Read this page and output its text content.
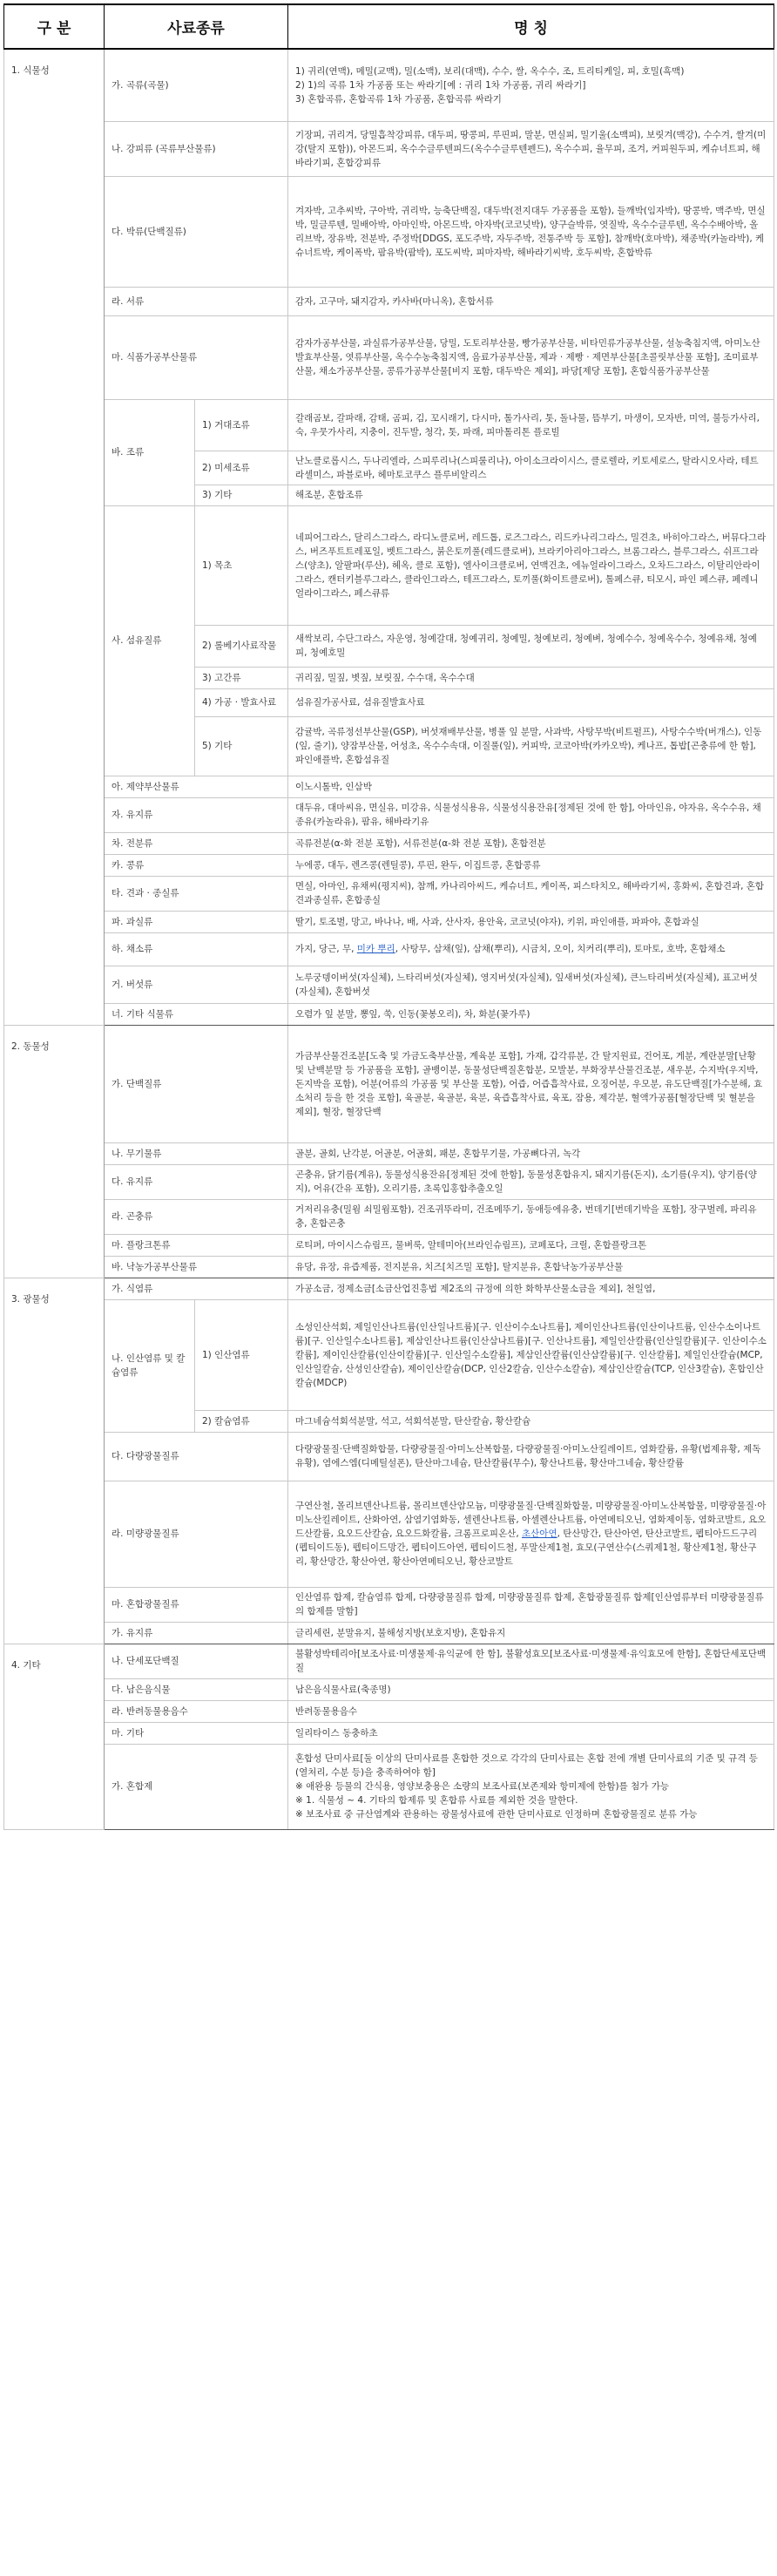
구 분	사료종류		명 칭

1. 식물성	가. 곡류(곡물)		1) 귀리(연맥), 메밀(교맥), 밀(소맥), 보리(대맥), 수수, 쌀, 옥수수, 조, 트리티케일, 피, 호밀(흑맥)
2) 1)의 곡류 1차 가공품 또는 싸라기[예 : 귀리 1차 가공품, 귀리 싸라기]
3) 혼합곡류, 혼합곡류 1차 가공품, 혼합곡류 싸라기

	나. 강피류 (곡류부산물류)		기장피, 귀리겨, 당밀흡착강피류, 대두피, 땅콩피, 루핀피, 말분, 면실피, 밀기울(소맥피), 보릿겨(맥강), 수수겨, 쌀겨(미강(탈지 포함)), 아몬드피, 옥수수글루텐피드(옥수수글루텐펜드), 옥수수피, 율무피, 조겨, 커피원두피, 케슈너트피, 해바라기피, 혼합강피류

	다. 박류(단백질류)		겨자박, 고추씨박, 구아박, 귀리박, 능축단백질, 대두박(전지대두 가공품을 포함), 들깨박(임자박), 땅콩박, 맥주박, 면실박, 밀글루텐, 밀배아박, 아마인박, 아몬드박, 아자박(코코넛박), 양구슬박류, 엿질박, 옥수수글루텐, 옥수수배아박, 올리브박, 장유박, 전분박, 주정박[DDGS, 포도주박, 자두주박, 전통주박 등 포함], 참깨박(호마박), 채종박(카놀라박), 케슈너트박, 케이폭박, 팜유박(팜박), 포도씨박, 피마자박, 해바라기씨박, 호두씨박, 혼합박류

	라. 서류		감자, 고구마, 돼지감자, 카사바(마니옥), 혼합서류

	마. 식품가공부산물류		감자가공부산물, 과실류가공부산물, 당밀, 도토리부산물, 빵가공부산물, 비타민류가공부산물, 설농축침지액, 아미노산발효부산물, 엿류부산물, 옥수수농축침지액, 음료가공부산물, 제과 · 제빵 · 제면부산물[초콜릿부산물 포함], 조미료부산물, 채소가공부산물, 콩류가공부산물[비지 포함, 대두박은 제외], 파당[제당 포함], 혼합식품가공부산물

	바. 조류	1) 거대조류	갈래곰보, 갈파래, 감태, 곰피, 김, 꼬시래기, 다시마, 톨가사리, 톳, 돌나물, 뜸부기, 마생이, 모자반, 미역, 불등가사리, 숙, 우뭇가사리, 지충이, 진두발, 청각, 톳, 파래, 피마톨리톤 플로빌

		2) 미세조류	난노클로롭시스, 두나리엘라, 스피루리나(스피룰리나), 아이소크라이시스, 클로렐라, 키토세로스, 탈라시오사라, 테트라셀미스, 파블로바, 헤마토코쿠스 플루비알리스

		3) 기타	해조분, 혼합조류

	사. 섬유질류	1) 목초	네피어그라스, 달리스그라스, 라디노클로버, 레드톱, 로즈그라스, 리드카나리그라스, 밀견초, 바히아그라스, 버뮤다그라스, 버즈푸트트레포일, 벳트그라스, 붉은토끼풀(레드클로버), 브라키아리아그라스, 브롬그라스, 블루그라스, 쉬프그라스(양초), 알팔파(루산), 헤옥, 클로 포함), 엘사이크클로버, 연맥건초, 에뉴얼라이그라스, 오차드그라스, 이탈리안라이그라스, 캔터키블루그라스, 클라인그라스, 테프그라스, 토끼풀(화이트클로버), 톨페스큐, 티모시, 파인 페스큐, 페레니얼라이그라스, 페스큐류

		2) 롤베기사료작물	새싹보리, 수단그라스, 자운영, 청예갈대, 청예귀리, 청예밀, 청예보리, 청예벼, 청예수수, 청예옥수수, 청예유채, 청예피, 청예호밀

		3) 고간류	귀리짚, 밀짚, 볏짚, 보릿짚, 수수대, 옥수수대

		4) 가공 · 발효사료	섬유질가공사료, 섬유질발효사료

		5) 기타	감귤박, 곡류정선부산물(GSP), 버섯재배부산물, 병풀 잎 분말, 사과박, 사탕무박(비트펄프), 사탕수수박(버개스), 인동(잎, 줄기), 양잠부산물, 어성초, 옥수수속대, 이질풀(잎), 커피박, 코코아박(카카오박), 케나프, 톱밥[곤충류에 한 함], 파인애플박, 혼합섬유질

	아. 제약부산물류		이노시톨박, 인삼박

	자. 유지류		대두유, 대마씨유, 면실유, 미강유, 식물성식용유, 식물성식용잔유[정제된 것에 한 함], 아마인유, 야자유, 옥수수유, 채종유(카놀라유), 팜유, 해바라기유

	차. 전분류		곡류전분(α-화 전분 포함), 서류전분(α-화 전분 포함), 혼합전분

	카. 콩류		누에콩, 대두, 렌즈콩(렌틸콩), 루핀, 완두, 이집트콩, 혼합콩류

	타. 견과 · 종실류		면실, 아마인, 유채씨(평지씨), 참깨, 카나리아씨드, 케슈너트, 케이폭, 피스타치오, 해바라기씨, 홍화씨, 혼합견과, 혼합견과종실류, 혼합종실

	파. 과실류		딸기, 토조벌, 망고, 바나나, 배, 사과, 산사자, 용안육, 코코넛(야자), 키위, 파인애플, 파파야, 혼합과실

	하. 채소류		가지, 당근, 무, 미카 뿌리, 사탕무, 삼채(잎), 삼채(뿌리), 시금치, 오이, 치커리(뿌리), 토마토, 호박, 혼합채소
	거. 버섯류		노루궁뎅이버섯(자실체), 느타리버섯(자실체), 영지버섯(자실체), 잎새버섯(자실체), 큰느타리버섯(자실체), 표고버섯(자실체), 혼합버섯

	너. 기타 식물류		오렴가 잎 분말, 뽕잎, 쑥, 인동(꽃봉오리), 차, 화분(꽃가루)

2. 동물성	가. 단백질류		가금부산물건조분[도축 및 가금도축부산물, 계육분 포함], 가재, 갑각류분, 간 탈지원료, 건어포, 게분, 계란분말[난황 및 난백분말 등 가공품을 포함], 골뱅이분, 동물성단백질혼합분, 모발분, 부화장부산물건조분, 새우분, 수지박(우지박, 돈지박을 포함), 어분(어류의 가공품 및 부산물 포함), 어즙, 어즙흡착사료, 오징어분, 우모분, 유도단백질[가수분해, 효소처리 등을 한 것을 포함], 육골분, 육골분, 육분, 육즙흡착사료, 육포, 잠용, 제각분, 혈액가공품[혈장단백 및 혈분을 제외], 혈장, 혈장단백

	나. 무기물류		골분, 골회, 난각분, 어골분, 어골회, 패분, 혼합무기물, 가공뼈다귀, 녹각

	다. 유지류		곤충유, 닭기름(계유), 동물성식용잔유[정제된 것에 한함], 동물성혼합유지, 돼지기름(돈지), 소기름(우지), 양기름(양지), 어유(간유 포함), 오리기름, 초록입홍합추출오일

	라. 곤충류		거저리유충(밀웜 쇠밀웜포함), 건조귀뚜라미, 건조메뚜기, 동애등에유충, 번데기[번데기박을 포함], 장구벌레, 파리유충, 혼합곤충

	마. 플랑크톤류		로티퍼, 마이시스슈림프, 물벼룩, 알테미아(브라인슈림프), 코페포다, 크릴, 혼합플랑크톤

	바. 낙농가공부산물류		유당, 유장, 유즙제품, 전지분유, 치즈[치즈밀 포함], 탈지분유, 혼합낙농가공부산물

3. 광물성	가. 식염류		가공소금, 정제소금[소금산업진흥법 제2조의 규정에 의한 화학부산물소금을 제외], 천일염,

	나. 인산염류 및 칼슘염류	1) 인산염류	소성인산석회, 제일인산나트륨(인산일나트륨)[구. 인산이수소나트륨], 제이인산나트륨(인산이나트륨, 인산수소이나트륨)[구. 인산일수소나트륨], 제삼인산나트륨(인산삼나트륨)[구. 인산나트륨], 제일인산칼륨(인산일칼륨)[구. 인산이수소칼륨], 제이인산칼륨(인산이칼륨)[구. 인산일수소칼륨], 제삼인산칼륨(인산삼칼륨)[구. 인산칼륨], 제일인산칼슘(MCP, 인산일칼슘, 산성인산칼슘), 제이인산칼슘(DCP, 인산2칼슘, 인산수소칼슘), 제삼인산칼슘(TCP, 인산3칼슘), 혼합인산칼슘(MDCP)

		2) 칼슘염류	마그네슘석회석분말, 석고, 석회석분말, 탄산칼슘, 황산칼슘

	다. 다량광물질류		다량광물질·단백질화합물, 다량광물질·아미노산복합물, 다량광물질·아미노산킬레이트, 염화칼륨, 유황(법제유황, 제독유황), 염에스엠(디메틸설폰), 탄산마그네슘, 탄산칼륨(무수), 황산나트륨, 황산마그네슘, 황산칼륨

	라. 미량광물질류		구연산철, 몰리브덴산나트륨, 몰리브덴산암모늄, 미량광물질·단백질화합물, 미량광물질·아미노산복합물, 미량광물질·아미노산킬레이트, 산화아연, 삼염기염화동, 셀렌산나트륨, 아셀렌산나트륨, 아연메티오닌, 염화제이동, 염화코발트, 요오드산칼륨, 요오드산칼슘, 요오드화칼륨, 크롬프로피온산, 초산아연, 탄산망간, 탄산아연, 탄산코발트, 펩티아드드구리(펩티이드동), 펩티이드망간, 펩티이드아연, 펩티이드철, 푸말산제1철, 효모(구연산수(스쿼제1철, 황산제1철, 황산구리, 황산망간, 황산아연, 황산아연메티오닌, 황산코발트
	마. 혼합광물질류		인산염류 합제, 칼슘염류 합제, 다량광물질류 합제, 미량광물질류 합제, 혼합광물질류 합제[인산염류부터 미량광물질류의 합제를 말함]

	가. 유지류		글리세린, 분말유지, 불해성지방(보호지방), 혼합유지

4. 기타	나. 단세포단백질		불활성박테리아[보조사료·미생물제·유익균에 한 함], 불활성효모[보조사료·미생물제·유익효모에 한함], 혼합단세포단백질

	다. 남은음식물		남은음식물사료(축종명)

	라. 반려동물용음수		반려동물용음수

	마. 기타		일리타이스 동충하초

	가. 혼합제		혼합성 단미사료[둘 이상의 단미사료를 혼합한 것으로 각각의 단미사료는 혼합 전에 개별 단미사료의 기준 및 규격 등(열처리, 수분 등)을 충족하여야 함]
※ 애완용 등물의 간식용, 영양보충용은 소량의 보조사료(보존제와 항미제에 한함)를 첨가 가능
※ 1. 식물성 ~ 4. 기타의 합제류 및 혼합류 사료를 제외한 것을 말한다.
※ 보조사료 중 규산염계와 관용하는 광물성사료에 관한 단미사료로 인정하며 혼합광물질로 분류 가능
